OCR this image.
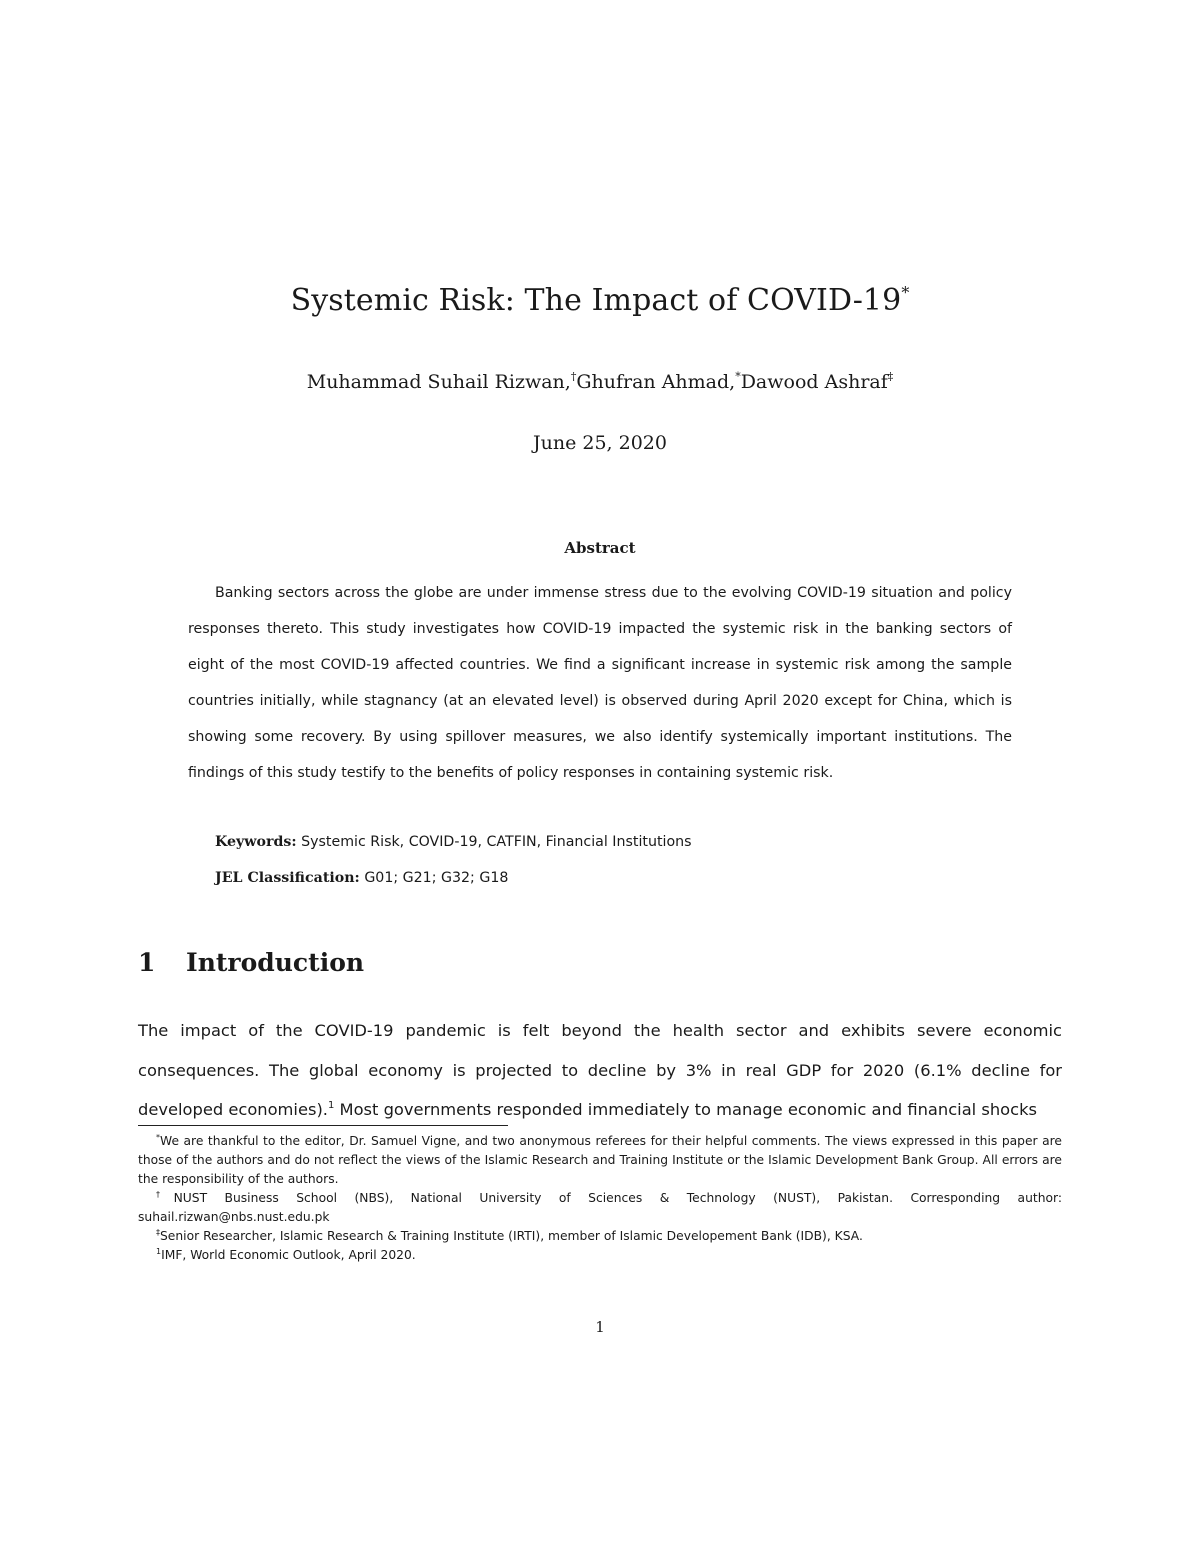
Systemic Risk: The Impact of COVID-19*
Muhammad Suhail Rizwan,†Ghufran Ahmad,*Dawood Ashraf‡
June 25, 2020
Abstract

Banking sectors across the globe are under immense stress due to the evolving COVID-19 situation and policy responses thereto. This study investigates how COVID-19 impacted the systemic risk in the banking sectors of eight of the most COVID-19 affected countries. We find a significant increase in systemic risk among the sample countries initially, while stagnancy (at an elevated level) is observed during April 2020 except for China, which is showing some recovery. By using spillover measures, we also identify systemically important institutions. The findings of this study testify to the benefits of policy responses in containing systemic risk.

Keywords: Systemic Risk, COVID-19, CATFIN, Financial Institutions

JEL Classification: G01; G21; G32; G18

1 Introduction

The impact of the COVID-19 pandemic is felt beyond the health sector and exhibits severe economic consequences. The global economy is projected to decline by 3% in real GDP for 2020 (6.1% decline for developed economies).$^1$ Most governments responded immediately to manage economic and financial shocks

*We are thankful to the editor, Dr. Samuel Vigne, and two anonymous referees for their helpful comments. The views expressed in this paper are those of the authors and do not reflect the views of the Islamic Research and Training Institute or the Islamic Development Bank Group. All errors are the responsibility of the authors.

†NUST Business School (NBS), National University of Sciences & Technology (NUST), Pakistan. Corresponding author: suhail.rizwan@nbs.nust.edu.pk

‡Senior Researcher, Islamic Research & Training Institute (IRTI), member of Islamic Developement Bank (IDB), KSA.

$^1$IMF, World Economic Outlook, April 2020.

1
